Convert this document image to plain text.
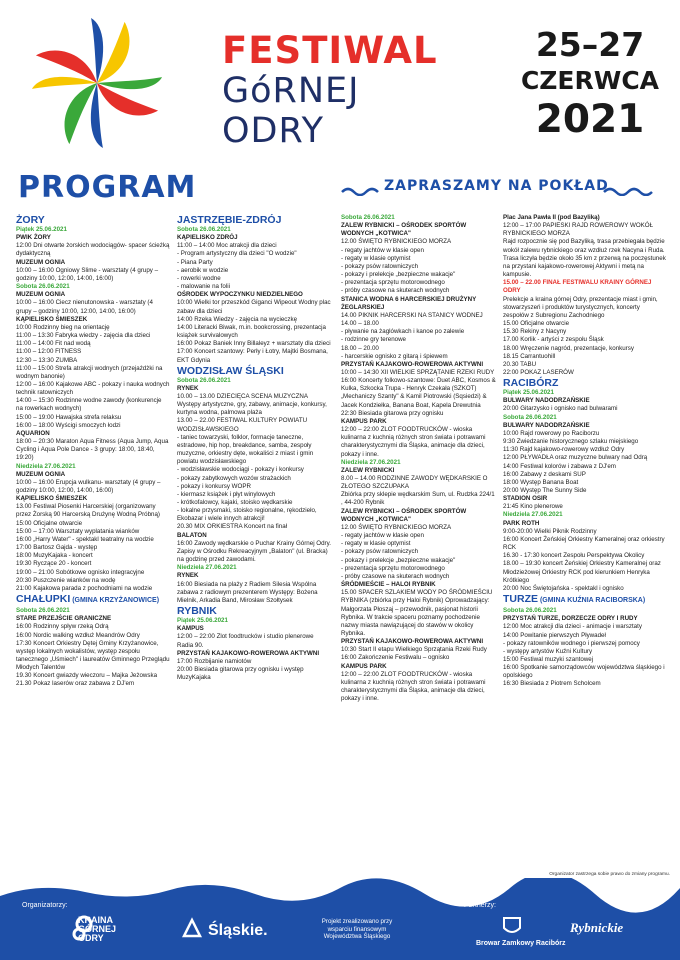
FESTIWAL
GóRNEJ
ODRY
25–27
CZERWCA
2021
PROGRAM	ZAPRASZAMY NA POKŁAD

ŻORY

Piątek 25.06.2021

PWIK ŻORY

12:00 Dni otwarte żorskich wodociągów- spacer ścieżką dydaktyczną

MUZEUM OGNIA

10:00 – 16:00 Ogniowy Slime - warsztaty (4 grupy – godziny 10:00, 12:00, 14:00, 16:00)

Sobota 26.06.2021

MUZEUM OGNIA

10:00 – 16:00 Ciecz nienutonowska - warsztaty (4 grupy – godziny 10:00, 12:00, 14:00, 16:00)

KĄPIELISKO ŚMIESZEK

10:00 Rodzinny bieg na orientację

11:00 – 13:30 Fabryka wiedzy - zajęcia dla dzieci

11:00 – 14:00 Fit nad wodą

11:00 – 12:00 FITNESS

12:30 – 13:30 ZUMBA

11:00 – 15:00 Strefa atrakcji wodnych (przejażdżki na wodnym banonie)

12:00 – 16:00 Kajakowe ABC - pokazy i nauka wodnych technik ratowniczych

14:00 – 15:30 Rodzinne wodne zawody (konkurencje na rowerkach wodnych)

15:00 – 19:00 Hawajska strefa relaksu

16:00 – 18:00 Wyścigi smoczych łodzi

AQUARION

18:00 – 20:30 Maraton Aqua Fitness (Aqua Jump, Aqua Cycling i Aqua Pole Dance - 3 grupy: 18:00, 18:40, 19:20)

Niedziela 27.06.2021

MUZEUM OGNIA

10:00 – 16:00 Erupcja wulkanu- warsztaty (4 grupy – godziny 10:00, 12:00, 14:00, 16:00)

KĄPIELISKO ŚMIESZEK

13.00 Festiwal Piosenki Harcerskiej (organizowany przez Żorską 90 Harcerską Drużynę Wodną Próbną)

15:00 Oficjalne otwarcie

15:00 – 17:00 Warsztaty wyplatania wianków

16:00 „Harry Water" - spektakl teatralny na wodzie

17:00 Bartosz Gajda - występ

18:00 MuzyKajaka - koncert

19:30 Ryczące 20 - koncert

19:00 – 21:00 Sobótkowe ognisko integracyjne

20:30 Puszczenie wianków na wodę

21:00 Kajakowa parada z pochodniami na wodzie

CHAŁUPKI (GMINA KRZYŻANOWICE)

Sobota 26.06.2021

STARE PRZEJŚCIE GRANICZNE

16:00 Rodzinny spływ rzeką Odrą

16:00 Nordic walking wzdłuż Meandrów Odry

17:30 Koncert Orkiestry Dętej Gminy Krzyżanowice, występ lokalnych wokalistów, występ zespołu tanecznego „Uśmiech" i laureatów Gminnego Przeglądu Młodych Talentów

19.30 Koncert gwiazdy wieczoru – Majka Jeżowska

21.30 Pokaz laserów oraz zabawa z DJ'em

JASTRZĘBIE-ZDRÓJ

Sobota 26.06.2021

KĄPIELISKO ZDRÓJ

11:00 – 14:00 Moc atrakcji dla dzieci

- Program artystyczny dla dzieci "O wodzie"

- Piana Party

- aerobik w wodzie

- rowerki wodne

- malowanie na folii

OŚRODEK WYPOCZYNKU NIEDZIELNEGO

10:00 Wielki tor przeszkód Giganci Wipeout Wodny plac zabaw dla dzieci

14:00 Rzeka Wiedzy - zajęcia na wycieczkę

14:00 Literacki Biwak, m.in. bookcrossing, prezentacja książek survivalowych

16:00 Pokaz Baniek Inny Billaleyz + warsztaty dla dzieci

17:00 Koncert szantowy: Perły i Łotry, Majtki Bosmana, EKT Gdynia

WODZISŁAW ŚLĄSKI

Sobota 26.06.2021

RYNEK

10.00 – 13.00 DZIECIĘCA SCENA MUZYCZNA Występy artystyczne, gry, zabawy, animacje, konkursy, kurtyna wodna, palmowa plaża

13.00 – 22.00 FESTIWAL KULTURY POWIATU WODZISŁAWSKIEGO

- taniec towarzyski, folklor, formacje taneczne, estradowe, hip hop, breakdance, samba, zespoły muzyczne, orkiestry dęte, wokaliści z miast i gmin powiatu wodzisławskiego

- wodzisławskie wodociągi - pokazy i konkursy

- pokazy zabytkowych wozów strażackich

- pokazy i konkursy WOPR

- kiermasz książek i płyt winylowych

- krótkofalowcy, kajaki, stoisko wędkarskie

- lokalne przysmaki, stoisko regionalne, rękodzieło, Ekobazar i wiele innych atrakcji!

20.30 MIX ORKIESTRA Koncert na finał

BALATON

16:00 Zawody wędkarskie o Puchar Krainy Górnej Odry. Zapisy w Ośrodku Rekreacyjnym „Balaton" (ul. Bracka) na godzinę przed zawodami.

Niedziela 27.06.2021

RYNEK

16:00 Biesiada na plaży z Radiem Silesia Wspólna zabawa z radiowym prezenterem Występy: Bożena Mielnik, Arkadia Band, Mirosław Szołtysek

RYBNIK

Piątek 25.06.2021

KAMPUS

12:00 – 22:00 Zlot foodtrucków i studio plenerowe Radia 90.

PRZYSTAŃ KAJAKOWO-ROWEROWA AKTYWNI

17:00 Rozbijanie namiotów

20:00 Biesiada gitarowa przy ognisku i występ MuzyKajaka

Sobota 26.06.2021

ZALEW RYBNICKI – OŚRODEK SPORTÓW WODNYCH „KOTWICA"

12.00 ŚWIĘTO RYBNICKIEGO MORZA

- regaty jachtów w klasie open

- regaty w klasie optymist

- pokazy psów ratowniczych

- pokazy i prelekcje „bezpieczne wakacje"

- prezentacja sprzętu motorowodnego

- próby czasowe na skuterach wodnych

STANICA WODNA 6 HARCERSKIEJ DRUŻYNY ŻEGLARSKIEJ

14.00 PIKNIK HARCERSKI NA STANICY WODNEJ

14.00 – 18.00

- pływanie na żaglówkach i kanoe po zalewie

- rodzinne gry terenowe

18.00 – 20.00

- harcerskie ognisko z gitarą i śpiewem

PRZYSTAŃ KAJAKOWO-ROWEROWA AKTYWNI

10:00 – 14:30 XII WIELKIE SPRZĄTANIE RZEKI RUDY

16:00 Koncerty folkowo-szantowe: Duet ABC, Kosmos & Kulka, Szkocka Trupa - Henryk Czekała (SZKOT) „Mechaniczy Szanty" & Kamil Piotrowski (Sqsiedzi) & Jacek Kondziełka, Banana Boat, Kapela Drewutnia

22:30 Biesiada gitarowa przy ognisku

KAMPUS PARK

12:00 – 22:00 ZLOT FOODTRUCKÓW - wioska kulinarna z kuchnią różnych stron świata i potrawami charakterystycznymi dla Śląska, animacje dla dzieci, pokazy i inne.

Niedziela 27.06.2021

ZALEW RYBNICKI

8.00 – 14.00 RODZINNE ZAWODY WĘDKARSKIE O ZŁOTEGO SZCZUPAKA

Zbiórka przy sklepie wędkarskim Sum, ul. Rudzka 224/1 , 44-200 Rybnik

ZALEW RYBNICKI – OŚRODEK SPORTÓW WODNYCH „KOTWICA"

12.00 ŚWIĘTO RYBNICKIEGO MORZA

- regaty jachtów w klasie open

- regaty w klasie optymist

- pokazy psów ratowniczych

- pokazy i prelekcje „bezpieczne wakacje"

- prezentacja sprzętu motorowodnego

- próby czasowe na skuterach wodnych

ŚRÓDMIEŚCIE – HALOI RYBNIK

15.00 SPACER SZLAKIEM WODY PO ŚRÓDMIEŚCIU RYBNIKA (zbiórka przy Haloi Rybnik) Oprowadzający: Małgorzata Płoszaj – przewodnik, pasjonat historii Rybnika. W trakcie spaceru poznamy pochodzenie nazwy miasta nawiązującej do stawów w okolicy Rybnika.

PRZYSTAŃ KAJAKOWO-ROWEROWA AKTYWNI

10:30 Start II etapu Wielkiego Sprzątania Rzeki Rudy

16:00 Zakończenie Festiwalu – ognisko

KAMPUS PARK

12:00 – 22:00 ZLOT FOODTRUCKÓW - wioska kulinarna z kuchnią różnych stron świata i potrawami charakterystycznymi dla Śląska, animacje dla dzieci, pokazy i inne.

Plac Jana Pawła II (pod Bazyliką)

12:00 – 17:00 PAPIESKI RAJD ROWEROWY WOKÓŁ RYBNICKIEGO MORZA

Rajd rozpocznie się pod Bazyliką, trasa przebiegała będzie wokół zalewu rybnickiego oraz wzdłuż rzek Nacyna i Ruda. Trasa liczyła będzie około 35 km z przerwą na poczęstunek na przystani kajakowo-rowerowej Aktywni i metą na kampusie.

15.00 – 22.00 FINAŁ FESTIWALU KRAINY GÓRNEJ ODRY

Prelekcje a kraina górnej Odry, prezentacje miast i gmin, stowarzyszeń i produktów turystycznych, koncerty zespołów z Subregionu Zachodniego

15.00 Oficjalne otwarcie

15.30 Rekiny z Nacyny

17.00 Korlik - artyści z zespołu Śląsk

18.00 Wręczenie nagród, prezentacje, konkursy

18.15 Carrantuohill

20.30 TABU

22:00 POKAZ LASERÓW

RACIBÓRZ

Piątek 25.06.2021

BULWARY NADODRZAŃSKIE

20:00 Gitarzysko i ognisko nad bulwarami

Sobota 26.06.2021

BULWARY NADODRZAŃSKIE

10:00 Rajd rowerowy po Raciborzu

9:30 Zwiedzanie historycznego szlaku miejskiego

11:30 Rajd kajakowo-rowerowy wzdłuż Odry

12:00 PŁYWADŁA oraz muzyczne bulwary nad Odrą

14:00 Festiwal kolorów i zabawa z DJ'em

16:00 Zabawy z deskami SUP

18:00 Występ Banana Boat

20:00 Występ The Sunny Side

STADION OSIR

21:45 Kino plenerowe

Niedziela 27.06.2021

PARK ROTH

9:00-20:00 Wielki Piknik Rodzinny

16:00 Koncert Żeńskiej Orkiestry Kameralnej oraz orkiestry RCK

16.30 - 17:30 koncert Zespołu Perspektywa Okolicy

18.00 – 19:30 koncert Żeńskiej Orkiestry Kameralnej oraz Młodzieżowej Orkiestry RCK pod kierunkiem Henryka Krótkiego

20:00 Noc Świętojańska - spektakl i ognisko

TURZE (GMINA KUŹNIA RACIBORSKA)

Sobota 26.06.2021

PRZYSTAŃ TURZE, DORZECZE ODRY I RUDY

12:00 Moc atrakcji dla dzieci - animacje i warsztaty

14:00 Powitanie pierwszych Pływadeł

- pokazy ratowników wodnego i pierwszej pomocy

- występy artystów Kuźni Kultury

15:00 Festiwal muzyki szantowej

16:00 Spotkanie samorządowców województwa śląskiego i opolskiego

16:30 Biesiada z Piotrem Scholcem

Organizator zastrzega sobie prawo do zmiany programu.
Organizatorzy:
KRAINA GÓRNEJ ODRY	Śląskie.
Projekt zrealizowano przy wsparciu finansowym Województwa Śląskiego
Partnerzy:
Browar Zamkowy Racibórz
Rybnickie
